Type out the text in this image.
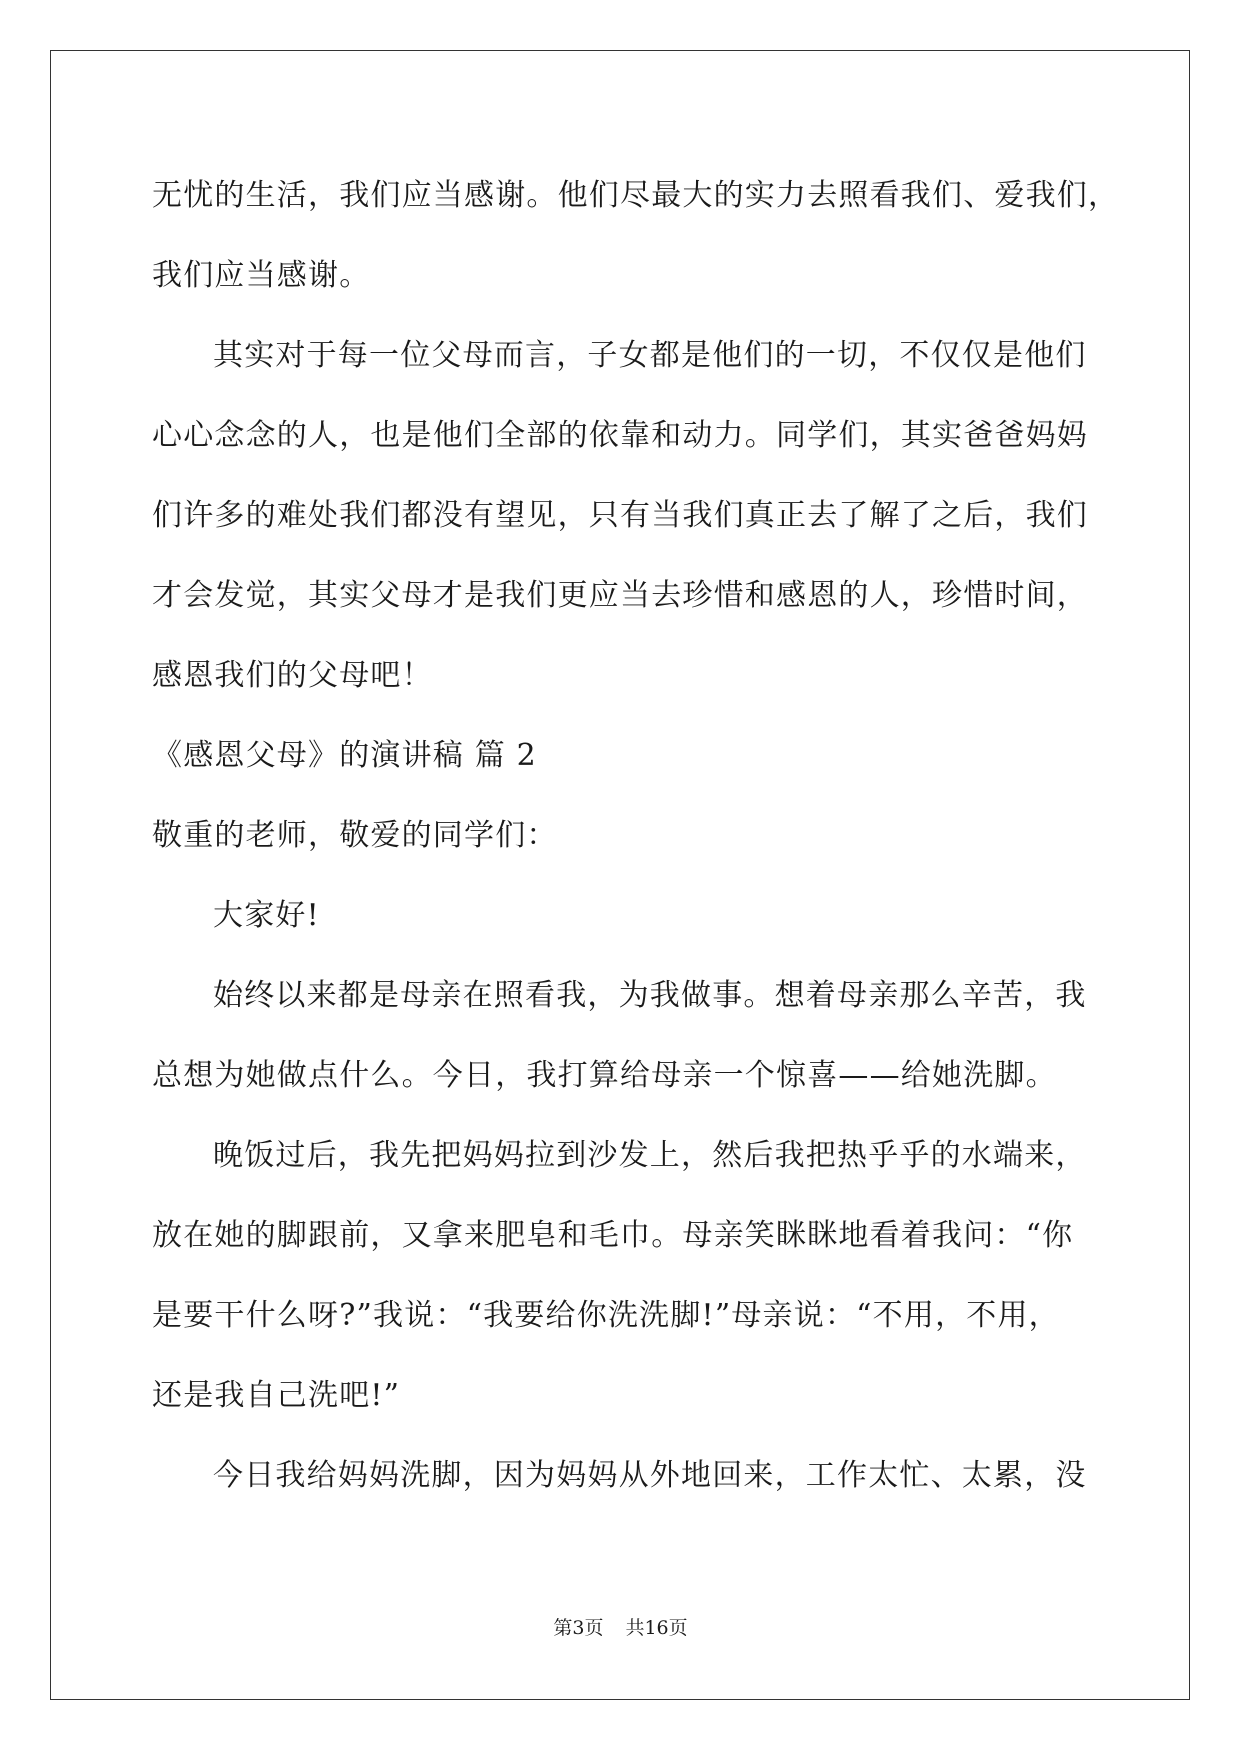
无忧的生活，我们应当感谢。他们尽最大的实力去照看我们、爱我们，
我们应当感谢。
其实对于每一位父母而言，子女都是他们的一切，不仅仅是他们
心心念念的人，也是他们全部的依靠和动力。同学们，其实爸爸妈妈
们许多的难处我们都没有望见，只有当我们真正去了解了之后，我们
才会发觉，其实父母才是我们更应当去珍惜和感恩的人，珍惜时间，
感恩我们的父母吧！
《感恩父母》的演讲稿 篇 2
敬重的老师，敬爱的同学们：
大家好!
始终以来都是母亲在照看我，为我做事。想着母亲那么辛苦，我
总想为她做点什么。今日，我打算给母亲一个惊喜——给她洗脚。
晚饭过后，我先把妈妈拉到沙发上，然后我把热乎乎的水端来，
放在她的脚跟前，又拿来肥皂和毛巾。母亲笑眯眯地看着我问：“你
是要干什么呀?”我说：“我要给你洗洗脚!”母亲说：“不用，不用，
还是我自己洗吧!”
今日我给妈妈洗脚，因为妈妈从外地回来，工作太忙、太累，没
第3页 共16页
